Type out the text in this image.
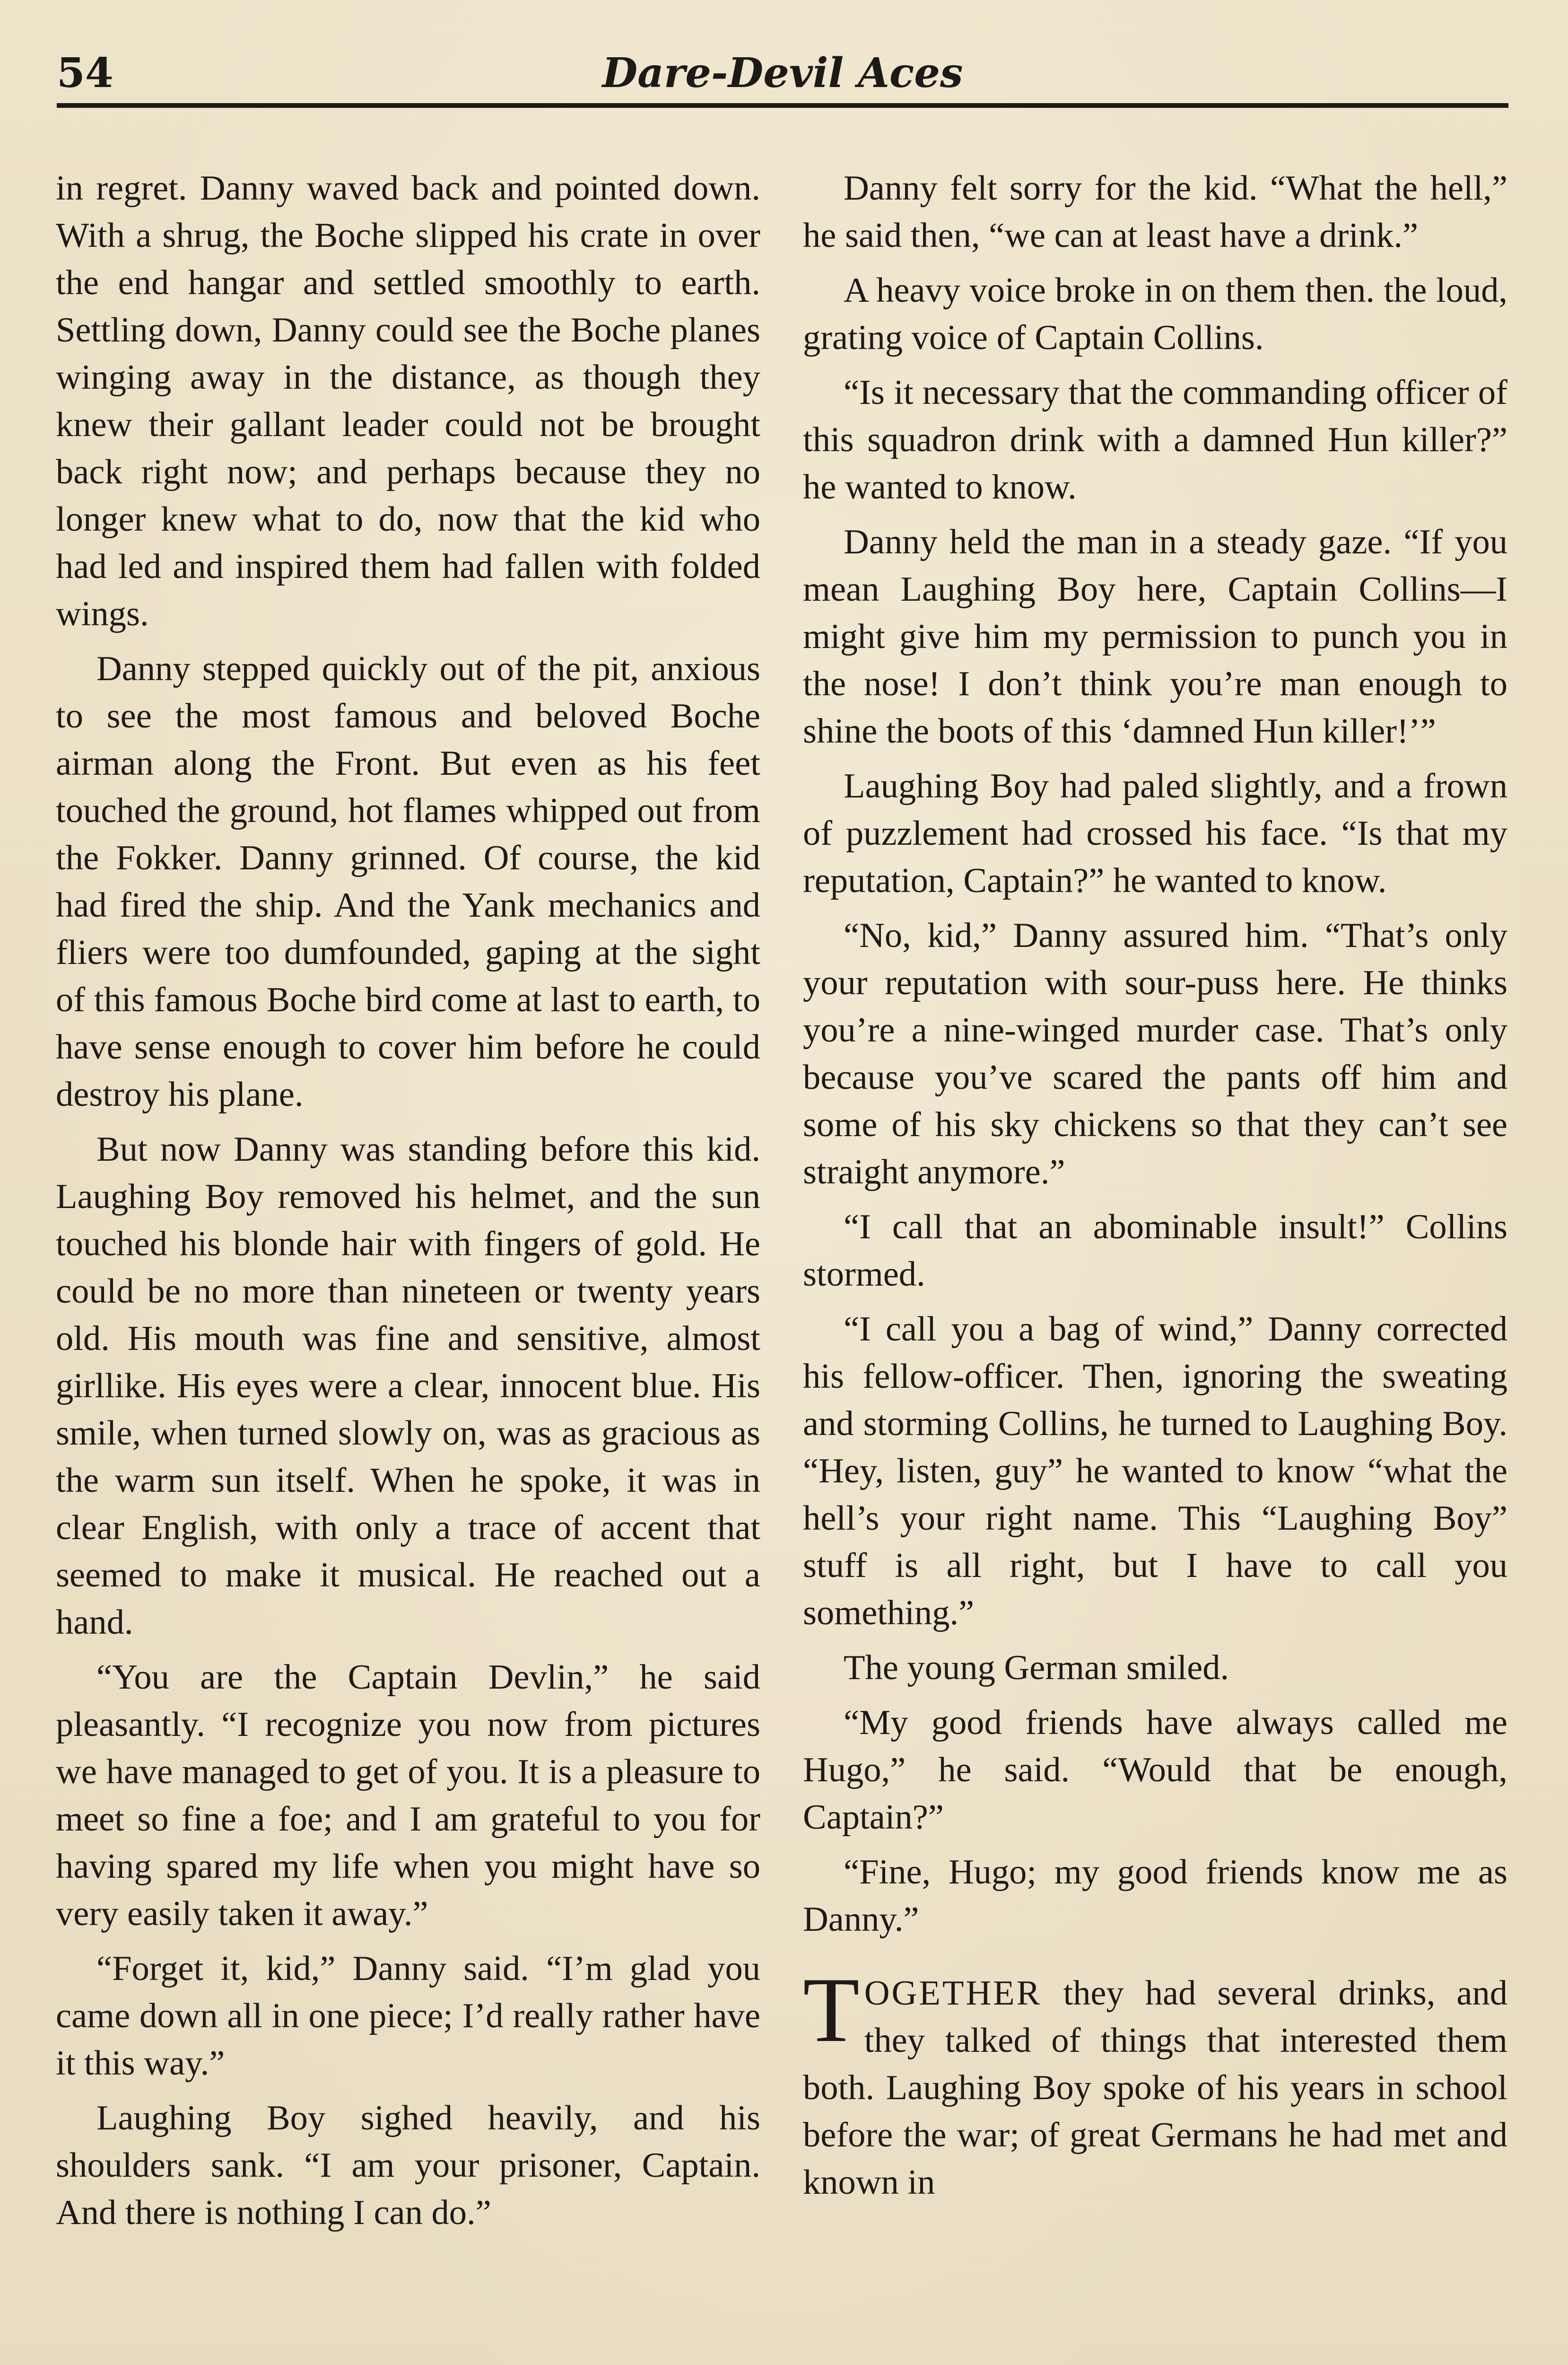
54	Dare-Devil Aces

in regret. Danny waved back and pointed down. With a shrug, the Boche slipped his crate in over the end hangar and settled smoothly to earth. Settling down, Danny could see the Boche planes winging away in the distance, as though they knew their gallant leader could not be brought back right now; and perhaps because they no longer knew what to do, now that the kid who had led and inspired them had fallen with folded wings.

Danny stepped quickly out of the pit, anxious to see the most famous and beloved Boche airman along the Front. But even as his feet touched the ground, hot flames whipped out from the Fokker. Danny grinned. Of course, the kid had fired the ship. And the Yank mechanics and fliers were too dumfounded, gaping at the sight of this famous Boche bird come at last to earth, to have sense enough to cover him before he could destroy his plane.

But now Danny was standing before this kid. Laughing Boy removed his helmet, and the sun touched his blonde hair with fingers of gold. He could be no more than nineteen or twenty years old. His mouth was fine and sensitive, almost girllike. His eyes were a clear, innocent blue. His smile, when turned slowly on, was as gracious as the warm sun itself. When he spoke, it was in clear English, with only a trace of accent that seemed to make it musical. He reached out a hand.

“You are the Captain Devlin,” he said pleasantly. “I recognize you now from pictures we have managed to get of you. It is a pleasure to meet so fine a foe; and I am grateful to you for having spared my life when you might have so very easily taken it away.”

“Forget it, kid,” Danny said. “I’m glad you came down all in one piece; I’d really rather have it this way.”

Laughing Boy sighed heavily, and his shoulders sank. “I am your prisoner, Captain. And there is nothing I can do.”

Danny felt sorry for the kid. “What the hell,” he said then, “we can at least have a drink.”

A heavy voice broke in on them then. the loud, grating voice of Captain Collins.

“Is it necessary that the commanding officer of this squadron drink with a damned Hun killer?” he wanted to know.

Danny held the man in a steady gaze. “If you mean Laughing Boy here, Captain Collins—I might give him my permission to punch you in the nose! I don’t think you’re man enough to shine the boots of this ‘damned Hun killer!’”

Laughing Boy had paled slightly, and a frown of puzzlement had crossed his face. “Is that my reputation, Captain?” he wanted to know.

“No, kid,” Danny assured him. “That’s only your reputation with sour-puss here. He thinks you’re a nine-winged murder case. That’s only because you’ve scared the pants off him and some of his sky chickens so that they can’t see straight anymore.”

“I call that an abominable insult!” Collins stormed.

“I call you a bag of wind,” Danny corrected his fellow-officer. Then, ignoring the sweating and storming Collins, he turned to Laughing Boy. “Hey, listen, guy” he wanted to know “what the hell’s your right name. This “Laughing Boy” stuff is all right, but I have to call you something.”

The young German smiled.

“My good friends have always called me Hugo,” he said. “Would that be enough, Captain?”

“Fine, Hugo; my good friends know me as Danny.”

TOGETHER they had several drinks, and they talked of things that interested them both. Laughing Boy spoke of his years in school before the war; of great Germans he had met and known in
